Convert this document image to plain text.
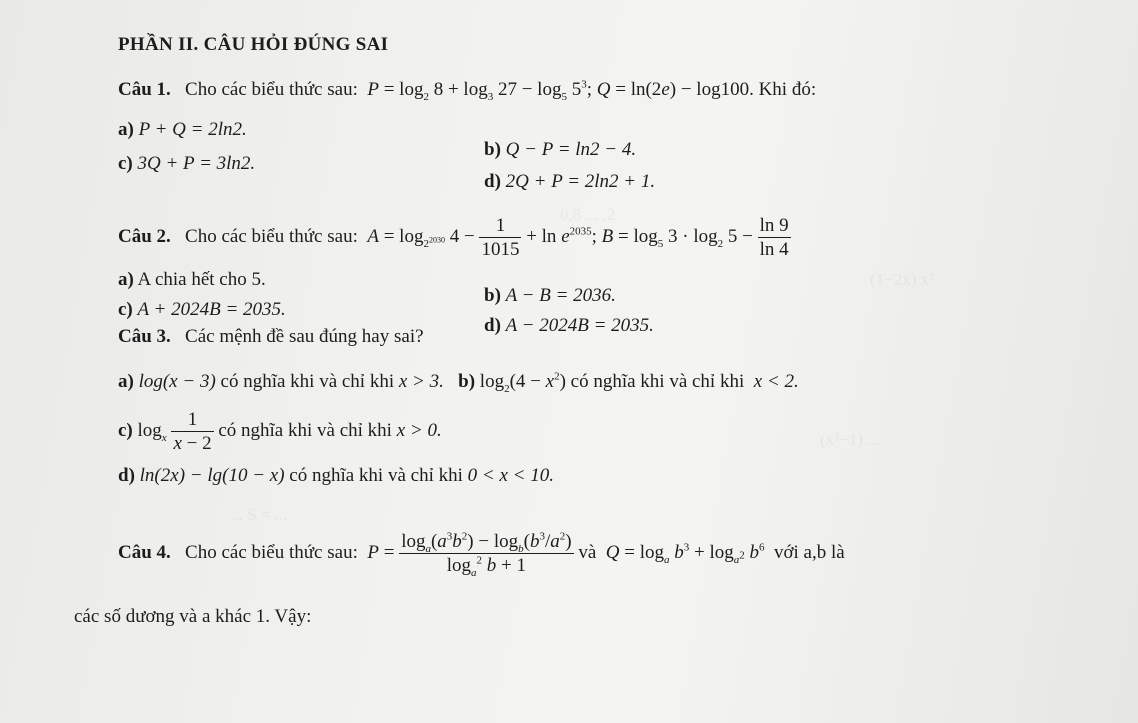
0,8 ... ,2
(1−2x) x²
(x²−1) ...
... S = ...
PHẦN II. CÂU HỎI ĐÚNG SAI
Câu 1. Cho các biểu thức sau:  $P = \log_2 8 + \log_3 27 - \log_5 5^3$; Q = ln(2e) − log100. Khi đó:
a) P + Q = 2ln2.
b) Q − P = ln2 − 4.
c) 3Q + P = 3ln2.
d) 2Q + P = 2ln2 + 1.
Câu 2. Cho các biểu thức sau:  $A = \log_{2^{2030}} 4 - \frac{1}{1015} + \ln e^{2035}$; $B = \log_5 3 \cdot \log_2 5 - \frac{\ln 9}{\ln 4}$
a) A chia hết cho 5.
b) A − B = 2036.
c) A + 2024B = 2035.
d) A − 2024B = 2035.
Câu 3. Các mệnh đề sau đúng hay sai?
a) log(x − 3) có nghĩa khi và chỉ khi x > 3. b) $\log_2(4 - x^2)$ có nghĩa khi và chỉ khi x < 2.
c) $\log_x \frac{1}{x - 2}$ có nghĩa khi và chỉ khi x > 0.
d) ln(2x) − lg(10 − x) có nghĩa khi và chỉ khi 0 < x < 10.
Câu 4. Cho các biểu thức sau: $P = \frac{\log_a(a^3b^2) - \log_b(b^3/a^2)}{\log_a^2 b + 1}$ và $Q = \log_a b^3 + \log_{a^2} b^6$ với a,b là
các số dương và a khác 1. Vậy:
